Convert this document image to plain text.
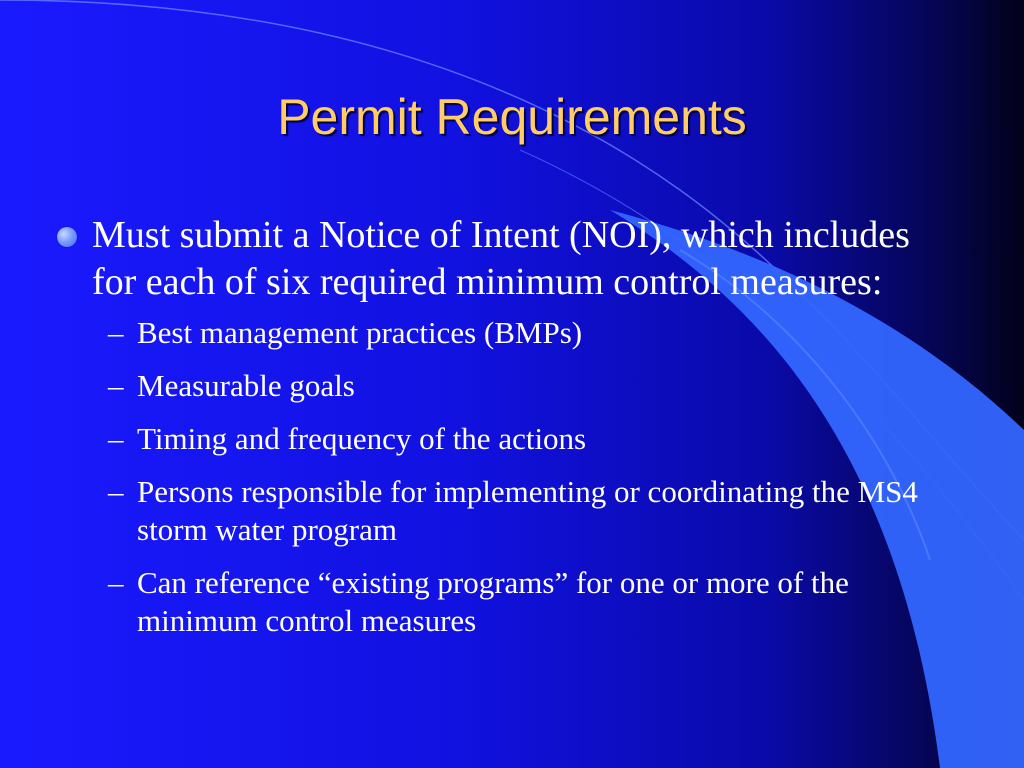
Permit Requirements
Must submit a Notice of Intent (NOI), which includes for each of six required minimum control measures:
– Best management practices (BMPs)
– Measurable goals
– Timing and frequency of the actions
– Persons responsible for implementing or coordinating the MS4 storm water program
– Can reference “existing programs” for one or more of the minimum control measures
